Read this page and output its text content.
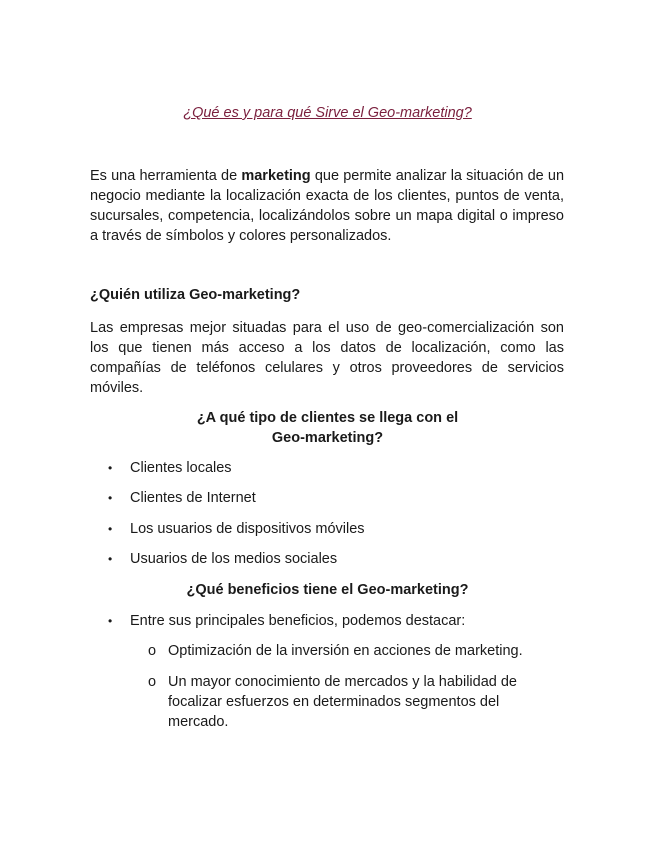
¿Qué es y para qué Sirve el Geo-marketing?

Es una herramienta de marketing que permite analizar la situación de un negocio mediante la localización exacta de los clientes, puntos de venta, sucursales, competencia, localizándolos sobre un mapa digital o impreso a través de símbolos y colores personalizados.

¿Quién utiliza Geo-marketing?

Las empresas mejor situadas para el uso de geo-comercialización son los que tienen más acceso a los datos de localización, como las compañías de teléfonos celulares y otros proveedores de servicios móviles.

¿A qué tipo de clientes se llega con el
Geo-marketing?
• Clientes locales
• Clientes de Internet
• Los usuarios de dispositivos móviles
• Usuarios de los medios sociales
¿Qué beneficios tiene el Geo-marketing?
• Entre sus principales beneficios, podemos destacar:
o Optimización de la inversión en acciones de marketing.
o Un mayor conocimiento de mercados y la habilidad de focalizar esfuerzos en determinados segmentos del mercado.
